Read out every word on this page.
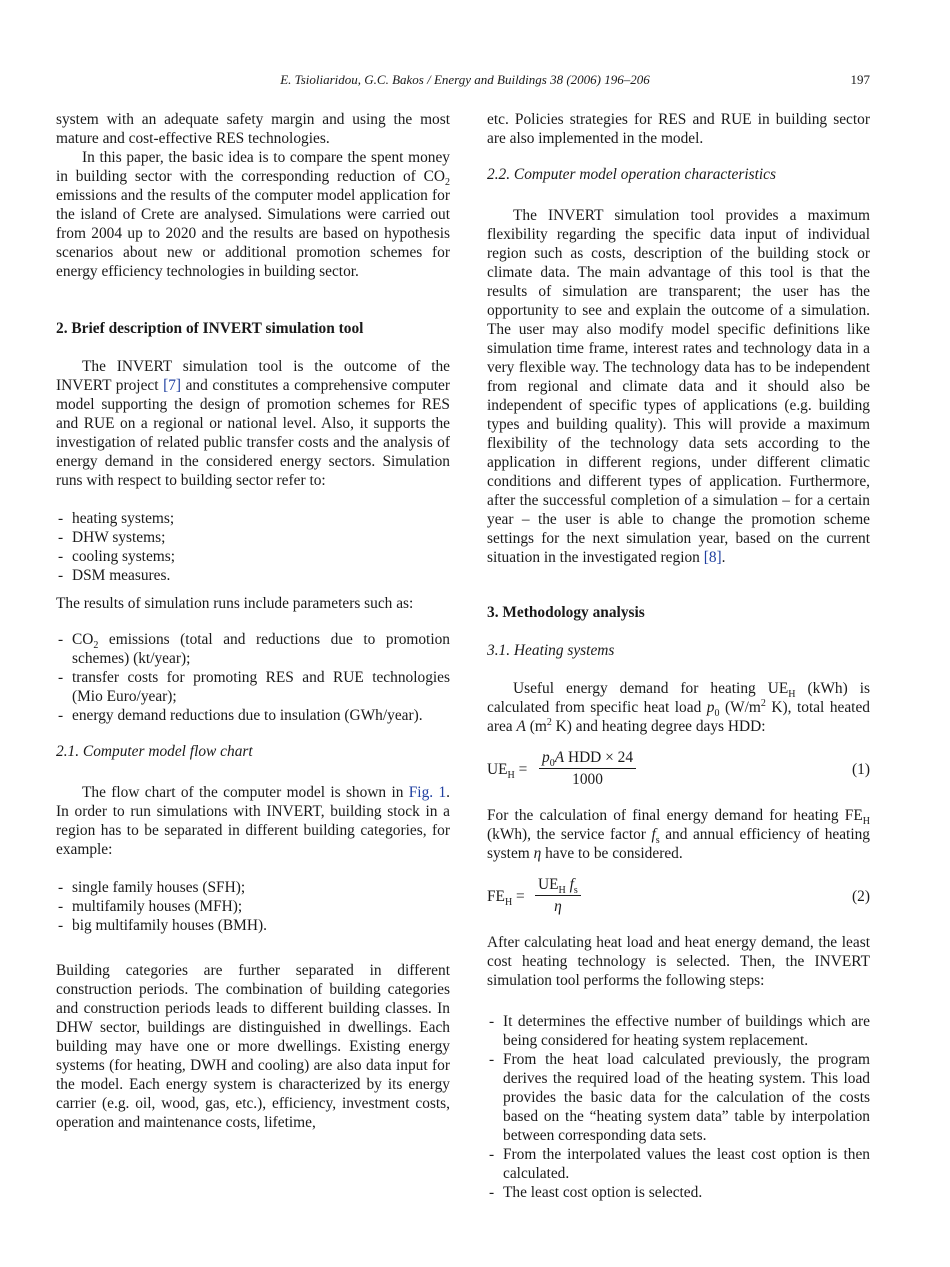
E. Tsioliaridou, G.C. Bakos / Energy and Buildings 38 (2006) 196–206	197

system with an adequate safety margin and using the most mature and cost-effective RES technologies.

In this paper, the basic idea is to compare the spent money in building sector with the corresponding reduction of $CO_2$ emissions and the results of the computer model application for the island of Crete are analysed. Simulations were carried out from 2004 up to 2020 and the results are based on hypothesis scenarios about new or additional promotion schemes for energy efficiency technologies in building sector.

2. Brief description of INVERT simulation tool

The INVERT simulation tool is the outcome of the INVERT project [7] and constitutes a comprehensive computer model supporting the design of promotion schemes for RES and RUE on a regional or national level. Also, it supports the investigation of related public transfer costs and the analysis of energy demand in the considered energy sectors. Simulation runs with respect to building sector refer to:

- heating systems;
- DHW systems;
- cooling systems;
- DSM measures.

The results of simulation runs include parameters such as:

- $CO_2$ emissions (total and reductions due to promotion schemes) (kt/year);
- transfer costs for promoting RES and RUE technologies (Mio Euro/year);
- energy demand reductions due to insulation (GWh/year).

2.1. Computer model flow chart

The flow chart of the computer model is shown in Fig. 1. In order to run simulations with INVERT, building stock in a region has to be separated in different building categories, for example:

- single family houses (SFH);
- multifamily houses (MFH);
- big multifamily houses (BMH).

Building categories are further separated in different construction periods. The combination of building categories and construction periods leads to different building classes. In DHW sector, buildings are distinguished in dwellings. Each building may have one or more dwellings. Existing energy systems (for heating, DWH and cooling) are also data input for the model. Each energy system is characterized by its energy carrier (e.g. oil, wood, gas, etc.), efficiency, investment costs, operation and maintenance costs, lifetime,

etc. Policies strategies for RES and RUE in building sector are also implemented in the model.

2.2. Computer model operation characteristics

The INVERT simulation tool provides a maximum flexibility regarding the specific data input of individual region such as costs, description of the building stock or climate data. The main advantage of this tool is that the results of simulation are transparent; the user has the opportunity to see and explain the outcome of a simulation. The user may also modify model specific definitions like simulation time frame, interest rates and technology data in a very flexible way. The technology data has to be independent from regional and climate data and it should also be independent of specific types of applications (e.g. building types and building quality). This will provide a maximum flexibility of the technology data sets according to the application in different regions, under different climatic conditions and different types of application. Furthermore, after the successful completion of a simulation – for a certain year – the user is able to change the promotion scheme settings for the next simulation year, based on the current situation in the investigated region [8].

3. Methodology analysis

3.1. Heating systems

Useful energy demand for heating $UE_H$ (kWh) is calculated from specific heat load $p_0$ ($W/m^2$ K), total heated area A ($m^2$ K) and heating degree days HDD:

$UE_H$ =
$p_0A$ HDD × 24
1000
(1)

For the calculation of final energy demand for heating $FE_H$ (kWh), the service factor $f_s$ and annual efficiency of heating system η have to be considered.

$FE_H$ =
$UE_H$ $f_s$
η
(2)

After calculating heat load and heat energy demand, the least cost heating technology is selected. Then, the INVERT simulation tool performs the following steps:

- It determines the effective number of buildings which are being considered for heating system replacement.
- From the heat load calculated previously, the program derives the required load of the heating system. This load provides the basic data for the calculation of the costs based on the “heating system data” table by interpolation between corresponding data sets.
- From the interpolated values the least cost option is then calculated.
- The least cost option is selected.
